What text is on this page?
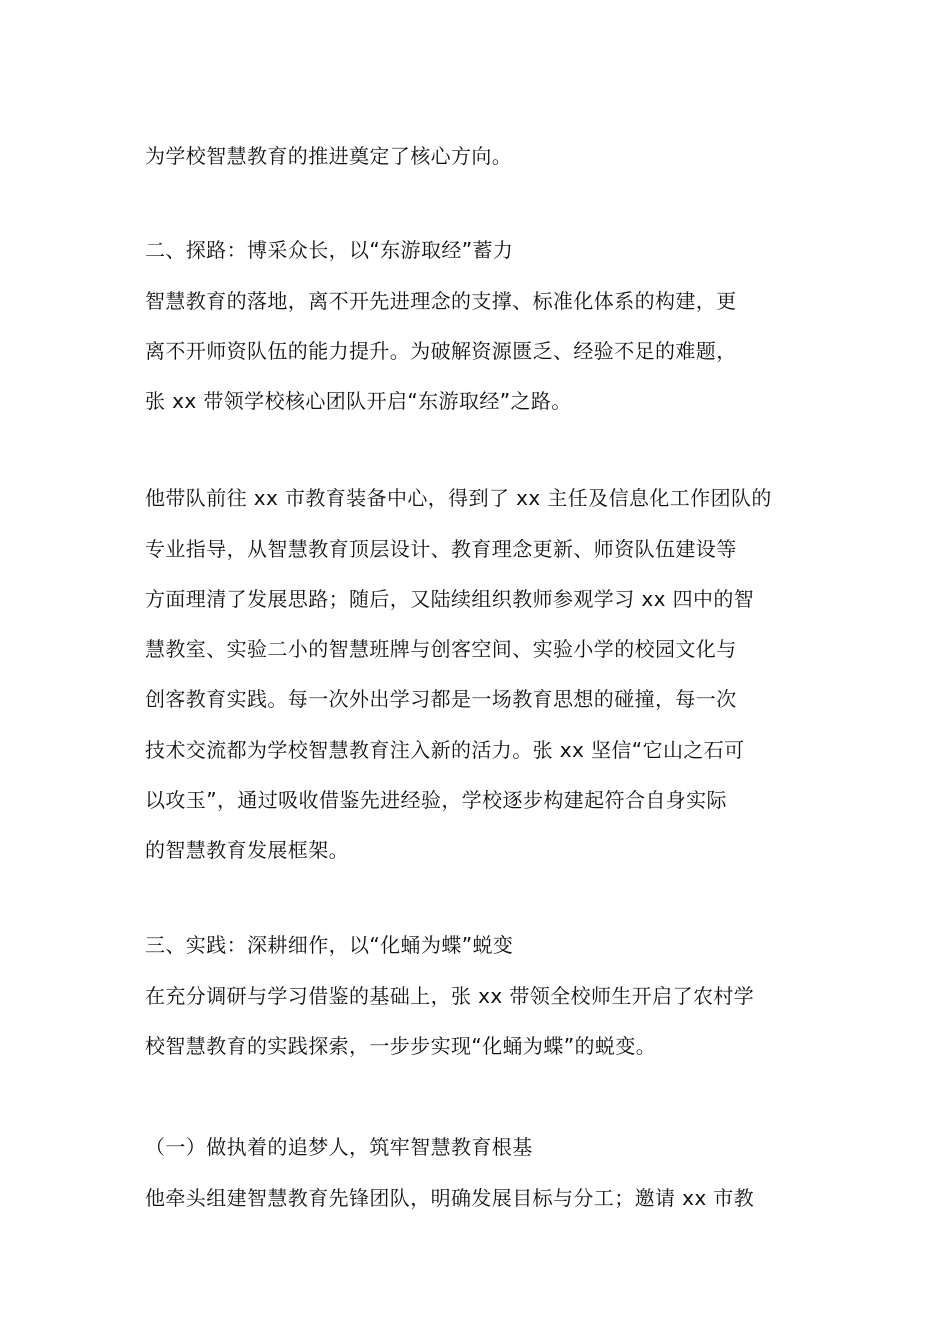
为学校智慧教育的推进奠定了核心方向。
二、探路：博采众长，以“东游取经”蓄力
智慧教育的落地，离不开先进理念的支撑、标准化体系的构建，更
离不开师资队伍的能力提升。为破解资源匮乏、经验不足的难题，
张 xx 带领学校核心团队开启“东游取经”之路。
他带队前往 xx 市教育装备中心，得到了 xx 主任及信息化工作团队的
专业指导，从智慧教育顶层设计、教育理念更新、师资队伍建设等
方面理清了发展思路；随后，又陆续组织教师参观学习 xx 四中的智
慧教室、实验二小的智慧班牌与创客空间、实验小学的校园文化与
创客教育实践。每一次外出学习都是一场教育思想的碰撞，每一次
技术交流都为学校智慧教育注入新的活力。张 xx 坚信“它山之石可
以攻玉”，通过吸收借鉴先进经验，学校逐步构建起符合自身实际
的智慧教育发展框架。
三、实践：深耕细作，以“化蛹为蝶”蜕变
在充分调研与学习借鉴的基础上，张 xx 带领全校师生开启了农村学
校智慧教育的实践探索，一步步实现“化蛹为蝶”的蜕变。
（一）做执着的追梦人，筑牢智慧教育根基
他牵头组建智慧教育先锋团队，明确发展目标与分工；邀请 xx 市教
